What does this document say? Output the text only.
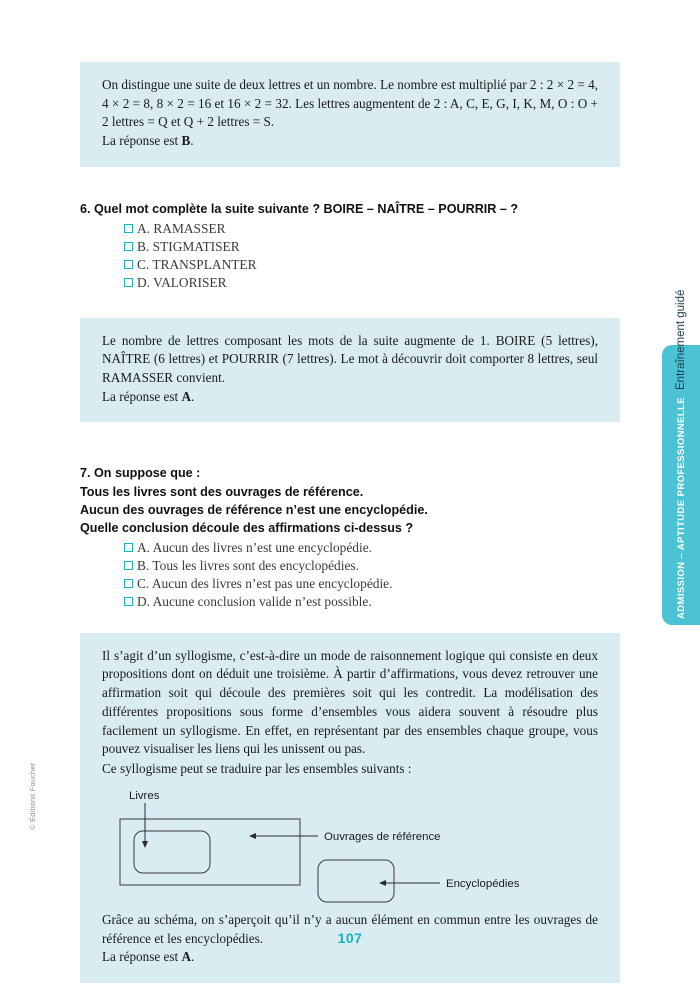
© Éditions Foucher
ADMISSION – APTITUDE PROFESSIONNELLE
Entraînement guidé

On distingue une suite de deux lettres et un nombre. Le nombre est multiplié par 2 : 2 × 2 = 4, 4 × 2 = 8, 8 × 2 = 16 et 16 × 2 = 32. Les lettres augmentent de 2 : A, C, E, G, I, K, M, O : O + 2 lettres = Q et Q + 2 lettres = S.

La réponse est B.

6. Quel mot complète la suite suivante ? BOIRE – NAÎTRE – POURRIR – ?

A. RAMASSER
B. STIGMATISER
C. TRANSPLANTER
D. VALORISER

Le nombre de lettres composant les mots de la suite augmente de 1. BOIRE (5 lettres), NAÎTRE (6 lettres) et POURRIR (7 lettres). Le mot à découvrir doit comporter 8 lettres, seul RAMASSER convient.

La réponse est A.

7. On suppose que :
Tous les livres sont des ouvrages de référence.
Aucun des ouvrages de référence n’est une encyclopédie.
Quelle conclusion découle des affirmations ci-dessus ?

A. Aucun des livres n’est une encyclopédie.
B. Tous les livres sont des encyclopédies.
C. Aucun des livres n’est pas une encyclopédie.
D. Aucune conclusion valide n’est possible.

Il s’agit d’un syllogisme, c’est-à-dire un mode de raisonnement logique qui consiste en deux propositions dont on déduit une troisième. À partir d’affirmations, vous devez retrouver une affirmation soit qui découle des premières soit qui les contredit. La modélisation des différentes propositions sous forme d’ensembles vous aidera souvent à résoudre plus facilement un syllogisme. En effet, en représentant par des ensembles chaque groupe, vous pouvez visualiser les liens qui les unissent ou pas.

Ce syllogisme peut se traduire par les ensembles suivants :

Livres
Ouvrages de référence
Encyclopédies

Grâce au schéma, on s’aperçoit qu’il n’y a aucun élément en commun entre les ouvrages de référence et les encyclopédies.

La réponse est A.

107
